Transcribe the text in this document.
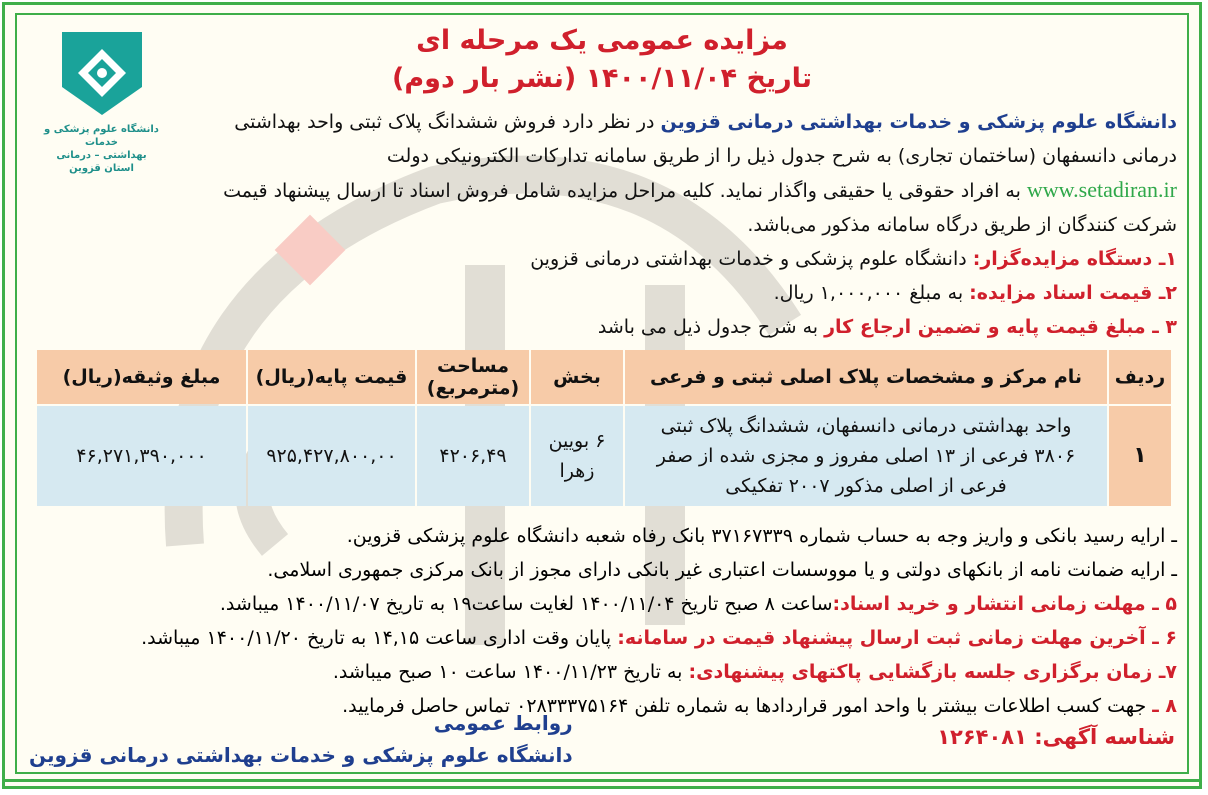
دانشگاه علوم پزشکی و خدمات
بهداشتی – درمانی
استان قزوین
مزایده عمومی یک مرحله ای
تاریخ ۱۴۰۰/۱۱/۰۴ (نشر بار دوم)
دانشگاه علوم پزشکی و خدمات بهداشتی درمانی قزوین در نظر دارد فروش ششدانگ پلاک ثبتی واحد بهداشتی
درمانی دانسفهان (ساختمان تجاری) به شرح جدول ذیل را از طریق سامانه تدارکات الکترونیکی دولت
www.setadiran.ir به افراد حقوقی یا حقیقی واگذار نماید. کلیه مراحل مزایده شامل فروش اسناد تا ارسال پیشنهاد قیمت
شرکت کنندگان از طریق درگاه سامانه مذکور می‌باشد.
۱ـ دستگاه مزایده‌گزار: دانشگاه علوم پزشکی و خدمات بهداشتی درمانی قزوین
۲ـ قیمت اسناد مزایده: به مبلغ ۱,۰۰۰,۰۰۰ ریال.
۳ ـ مبلغ قیمت پایه و تضمین ارجاع کار به شرح جدول ذیل می باشد
ردیف	نام مرکز و مشخصات پلاک اصلی ثبتی و فرعی	بخش	مساحت (مترمربع)	قیمت پایه(ریال)	مبلغ وثیقه(ریال)
۱	واحد بهداشتی درمانی دانسفهان، ششدانگ پلاک ثبتی ۳۸۰۶ فرعی از ۱۳ اصلی مفروز و مجزی شده از صفر فرعی از اصلی مذکور ۲۰۰۷ تفکیکی	۶ بویین زهرا	۴۲۰۶,۴۹	۹۲۵,۴۲۷,۸۰۰,۰۰	۴۶,۲۷۱,۳۹۰,۰۰۰
ـ ارایه رسید بانکی و واریز وجه به حساب شماره ۳۷۱۶۷۳۳۹ بانک رفاه شعبه دانشگاه علوم پزشکی قزوین.
ـ ارایه ضمانت نامه از بانکهای دولتی و یا مووسسات اعتباری غیر بانکی دارای مجوز از بانک مرکزی جمهوری اسلامی.
۵ ـ مهلت زمانی انتشار و خرید اسناد:ساعت ۸ صبح تاریخ ۱۴۰۰/۱۱/۰۴ لغایت ساعت۱۹ به تاریخ ۱۴۰۰/۱۱/۰۷ میباشد.
۶ ـ آخرین مهلت زمانی ثبت ارسال پیشنهاد قیمت در سامانه: پایان وقت اداری ساعت ۱۴,۱۵ به تاریخ ۱۴۰۰/۱۱/۲۰ میباشد.
۷ـ زمان برگزاری جلسه بازگشایی پاکتهای پیشنهادی: به تاریخ ۱۴۰۰/۱۱/۲۳ ساعت ۱۰ صبح میباشد.
۸ ـ جهت کسب اطلاعات بیشتر با واحد امور قراردادها به شماره تلفن ۰۲۸۳۳۳۷۵۱۶۴ تماس حاصل فرمایید.
روابط عمومی
دانشگاه علوم پزشکی و خدمات بهداشتی درمانی قزوین
شناسه آگهی: ۱۲۶۴۰۸۱
